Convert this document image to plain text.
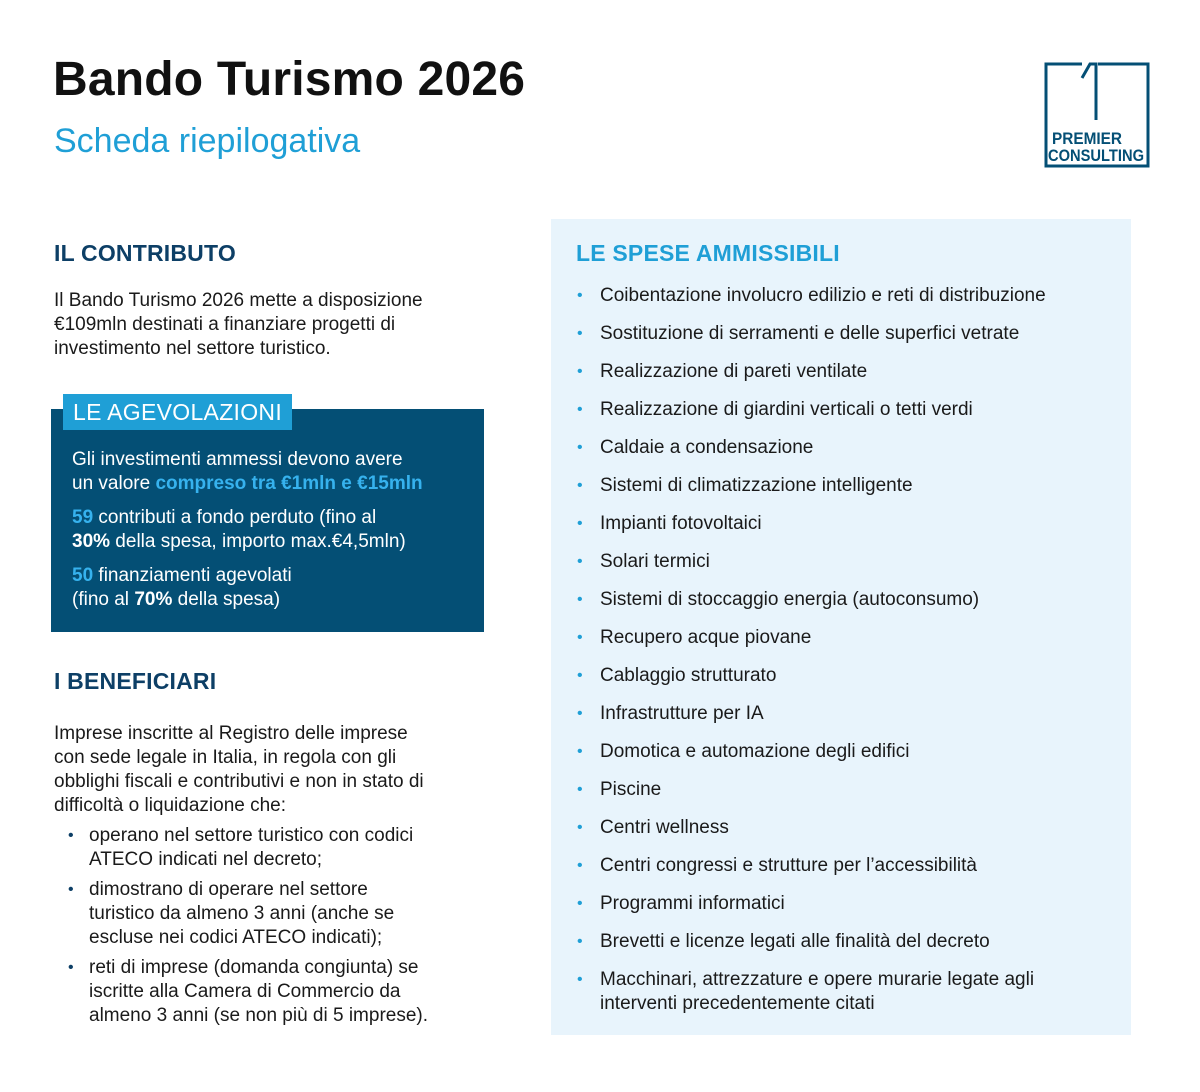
Bando Turismo 2026
Scheda riepilogativa	PREMIER
CONSULTING
IL CONTRIBUTO
Il Bando Turismo 2026 mette a disposizione
€109mln destinati a finanziare progetti di
investimento nel settore turistico.
LE AGEVOLAZIONI
Gli investimenti ammessi devono avere
un valore compreso tra €1mln e €15mln
59 contributi a fondo perduto (fino al
30% della spesa, importo max.€4,5mln)
50 finanziamenti agevolati
(fino al 70% della spesa)
I BENEFICIARI
Imprese inscritte al Registro delle imprese
con sede legale in Italia, in regola con gli
obblighi fiscali e contributivi e non in stato di
difficoltà o liquidazione che:
• operano nel settore turistico con codici
ATECO indicati nel decreto;
• dimostrano di operare nel settore
turistico da almeno 3 anni (anche se
escluse nei codici ATECO indicati);
• reti di imprese (domanda congiunta) se
iscritte alla Camera di Commercio da
almeno 3 anni (se non più di 5 imprese).
LE SPESE AMMISSIBILI
• Coibentazione involucro edilizio e reti di distribuzione
• Sostituzione di serramenti e delle superfici vetrate
• Realizzazione di pareti ventilate
• Realizzazione di giardini verticali o tetti verdi
• Caldaie a condensazione
• Sistemi di climatizzazione intelligente
• Impianti fotovoltaici
• Solari termici
• Sistemi di stoccaggio energia (autoconsumo)
• Recupero acque piovane
• Cablaggio strutturato
• Infrastrutture per IA
• Domotica e automazione degli edifici
• Piscine
• Centri wellness
• Centri congressi e strutture per l’accessibilità
• Programmi informatici
• Brevetti e licenze legati alle finalità del decreto
• Macchinari, attrezzature e opere murarie legate agli
interventi precedentemente citati
